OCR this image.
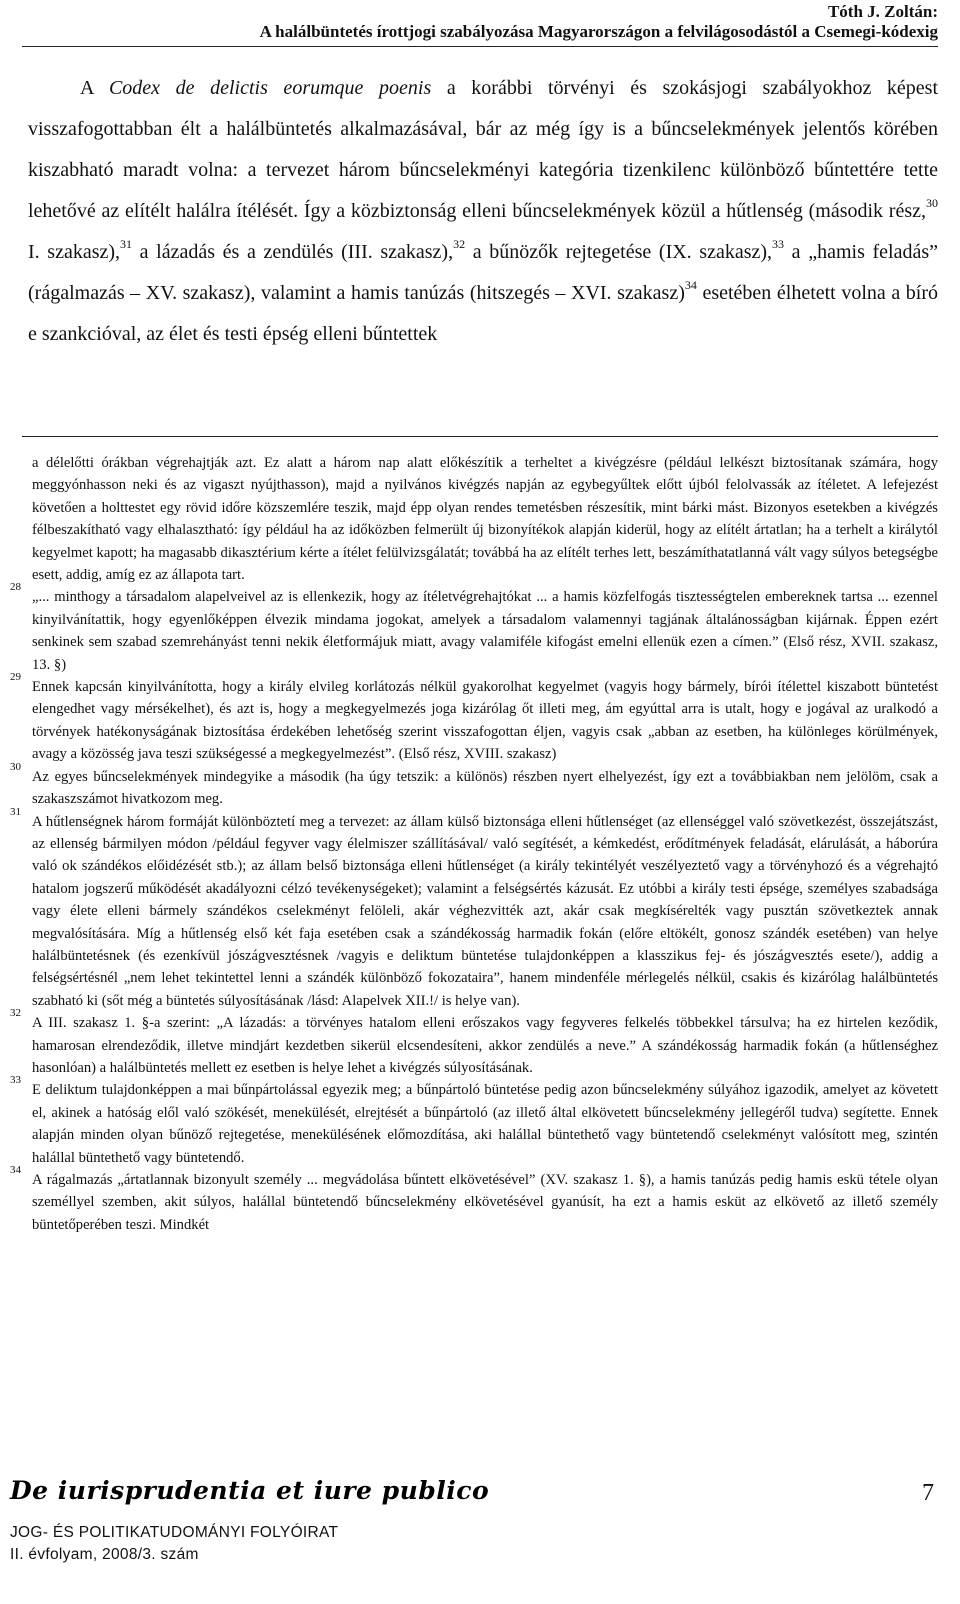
Tóth J. Zoltán:
A halálbüntetés írottjogi szabályozása Magyarországon a felvilágosodástól a Csemegi-kódexig

A Codex de delictis eorumque poenis a korábbi törvényi és szokásjogi szabályokhoz képest visszafogottabban élt a halálbüntetés alkalmazásával, bár az még így is a bűncselekmények jelentős körében kiszabható maradt volna: a tervezet három bűncselekményi kategória tizenkilenc különböző bűntettére tette lehetővé az elítélt halálra ítélését. Így a közbiztonság elleni bűncselekmények közül a hűtlenség (második rész,$^{30}$ I. szakasz),$^{31}$ a lázadás és a zendülés (III. szakasz),$^{32}$ a bűnözők rejtegetése (IX. szakasz),$^{33}$ a „hamis feladás” (rágalmazás – XV. szakasz), valamint a hamis tanúzás (hitszegés – XVI. szakasz)$^{34}$ esetében élhetett volna a bíró e szankcióval, az élet és testi épség elleni bűntettek

a délelőtti órákban végrehajtják azt. Ez alatt a három nap alatt előkészítik a terheltet a kivégzésre (például lelkészt biztosítanak számára, hogy meggyónhasson neki és az vigaszt nyújthasson), majd a nyilvános kivégzés napján az egybegyűltek előtt újból felolvassák az ítéletet. A lefejezést követően a holttestet egy rövid időre közszemlére teszik, majd épp olyan rendes temetésben részesítik, mint bárki mást. Bizonyos esetekben a kivégzés félbeszakítható vagy elhalasztható: így például ha az időközben felmerült új bizonyítékok alapján kiderül, hogy az elítélt ártatlan; ha a terhelt a királytól kegyelmet kapott; ha magasabb dikasztérium kérte a ítélet felülvizsgálatát; továbbá ha az elítélt terhes lett, beszámíthatatlanná vált vagy súlyos betegségbe esett, addig, amíg ez az állapota tart.
28
„... minthogy a társadalom alapelveivel az is ellenkezik, hogy az ítéletvégrehajtókat ... a hamis közfelfogás tisztességtelen embereknek tartsa ... ezennel kinyilvánítattik, hogy egyenlőképpen élvezik mindama jogokat, amelyek a társadalom valamennyi tagjának általánosságban kijárnak. Éppen ezért senkinek sem szabad szemrehányást tenni nekik életformájuk miatt, avagy valamiféle kifogást emelni ellenük ezen a címen.” (Első rész, XVII. szakasz, 13. §)
29
Ennek kapcsán kinyilvánította, hogy a király elvileg korlátozás nélkül gyakorolhat kegyelmet (vagyis hogy bármely, bírói ítélettel kiszabott büntetést elengedhet vagy mérsékelhet), és azt is, hogy a megkegyelmezés joga kizárólag őt illeti meg, ám egyúttal arra is utalt, hogy e jogával az uralkodó a törvények hatékonyságának biztosítása érdekében lehetőség szerint visszafogottan éljen, vagyis csak „abban az esetben, ha különleges körülmények, avagy a közösség java teszi szükségessé a megkegyelmezést”. (Első rész, XVIII. szakasz)
30
Az egyes bűncselekmények mindegyike a második (ha úgy tetszik: a különös) részben nyert elhelyezést, így ezt a továbbiakban nem jelölöm, csak a szakaszszámot hivatkozom meg.
31
A hűtlenségnek három formáját különböztetí meg a tervezet: az állam külső biztonsága elleni hűtlenséget (az ellenséggel való szövetkezést, összejátszást, az ellenség bármilyen módon /például fegyver vagy élelmiszer szállításával/ való segítését, a kémkedést, erődítmények feladását, elárulását, a háborúra való ok szándékos előidézését stb.); az állam belső biztonsága elleni hűtlenséget (a király tekintélyét veszélyeztető vagy a törvényhozó és a végrehajtó hatalom jogszerű működését akadályozni célzó tevékenységeket); valamint a felségsértés kázusát. Ez utóbbi a király testi épsége, személyes szabadsága vagy élete elleni bármely szándékos cselekményt felöleli, akár véghezvitték azt, akár csak megkísérelték vagy pusztán szövetkeztek annak megvalósítására. Míg a hűtlenség első két faja esetében csak a szándékosság harmadik fokán (előre eltökélt, gonosz szándék esetében) van helye halálbüntetésnek (és ezenkívül jószágvesztésnek /vagyis e deliktum büntetése tulajdonképpen a klasszikus fej- és jószágvesztés esete/), addig a felségsértésnél „nem lehet tekintettel lenni a szándék különböző fokozataira”, hanem mindenféle mérlegelés nélkül, csakis és kizárólag halálbüntetés szabható ki (sőt még a büntetés súlyosításának /lásd: Alapelvek XII.!/ is helye van).
32
A III. szakasz 1. §-a szerint: „A lázadás: a törvényes hatalom elleni erőszakos vagy fegyveres felkelés többekkel társulva; ha ez hirtelen keződik, hamarosan elrendeződik, illetve mindjárt kezdetben sikerül elcsendesíteni, akkor zendülés a neve.” A szándékosság harmadik fokán (a hűtlenséghez hasonlóan) a halálbüntetés mellett ez esetben is helye lehet a kivégzés súlyosításának.
33
E deliktum tulajdonképpen a mai bűnpártolással egyezik meg; a bűnpártoló büntetése pedig azon bűncselekmény súlyához igazodik, amelyet az követett el, akinek a hatóság elől való szökését, menekülését, elrejtését a bűnpártoló (az illető által elkövetett bűncselekmény jellegéről tudva) segítette. Ennek alapján minden olyan bűnöző rejtegetése, menekülésének előmozdítása, aki halállal büntethető vagy büntetendő cselekményt valósított meg, szintén halállal büntethető vagy büntetendő.
34
A rágalmazás „ártatlannak bizonyult személy ... megvádolása bűntett elkövetésével” (XV. szakasz 1. §), a hamis tanúzás pedig hamis eskü tétele olyan személlyel szemben, akit súlyos, halállal büntetendő bűncselekmény elkövetésével gyanúsít, ha ezt a hamis esküt az elkövető az illető személy büntetőperében teszi. Mindkét
De iurisprudentia et iure publico	7
JOG- ÉS POLITIKATUDOMÁNYI FOLYÓIRAT
II. évfolyam, 2008/3. szám
